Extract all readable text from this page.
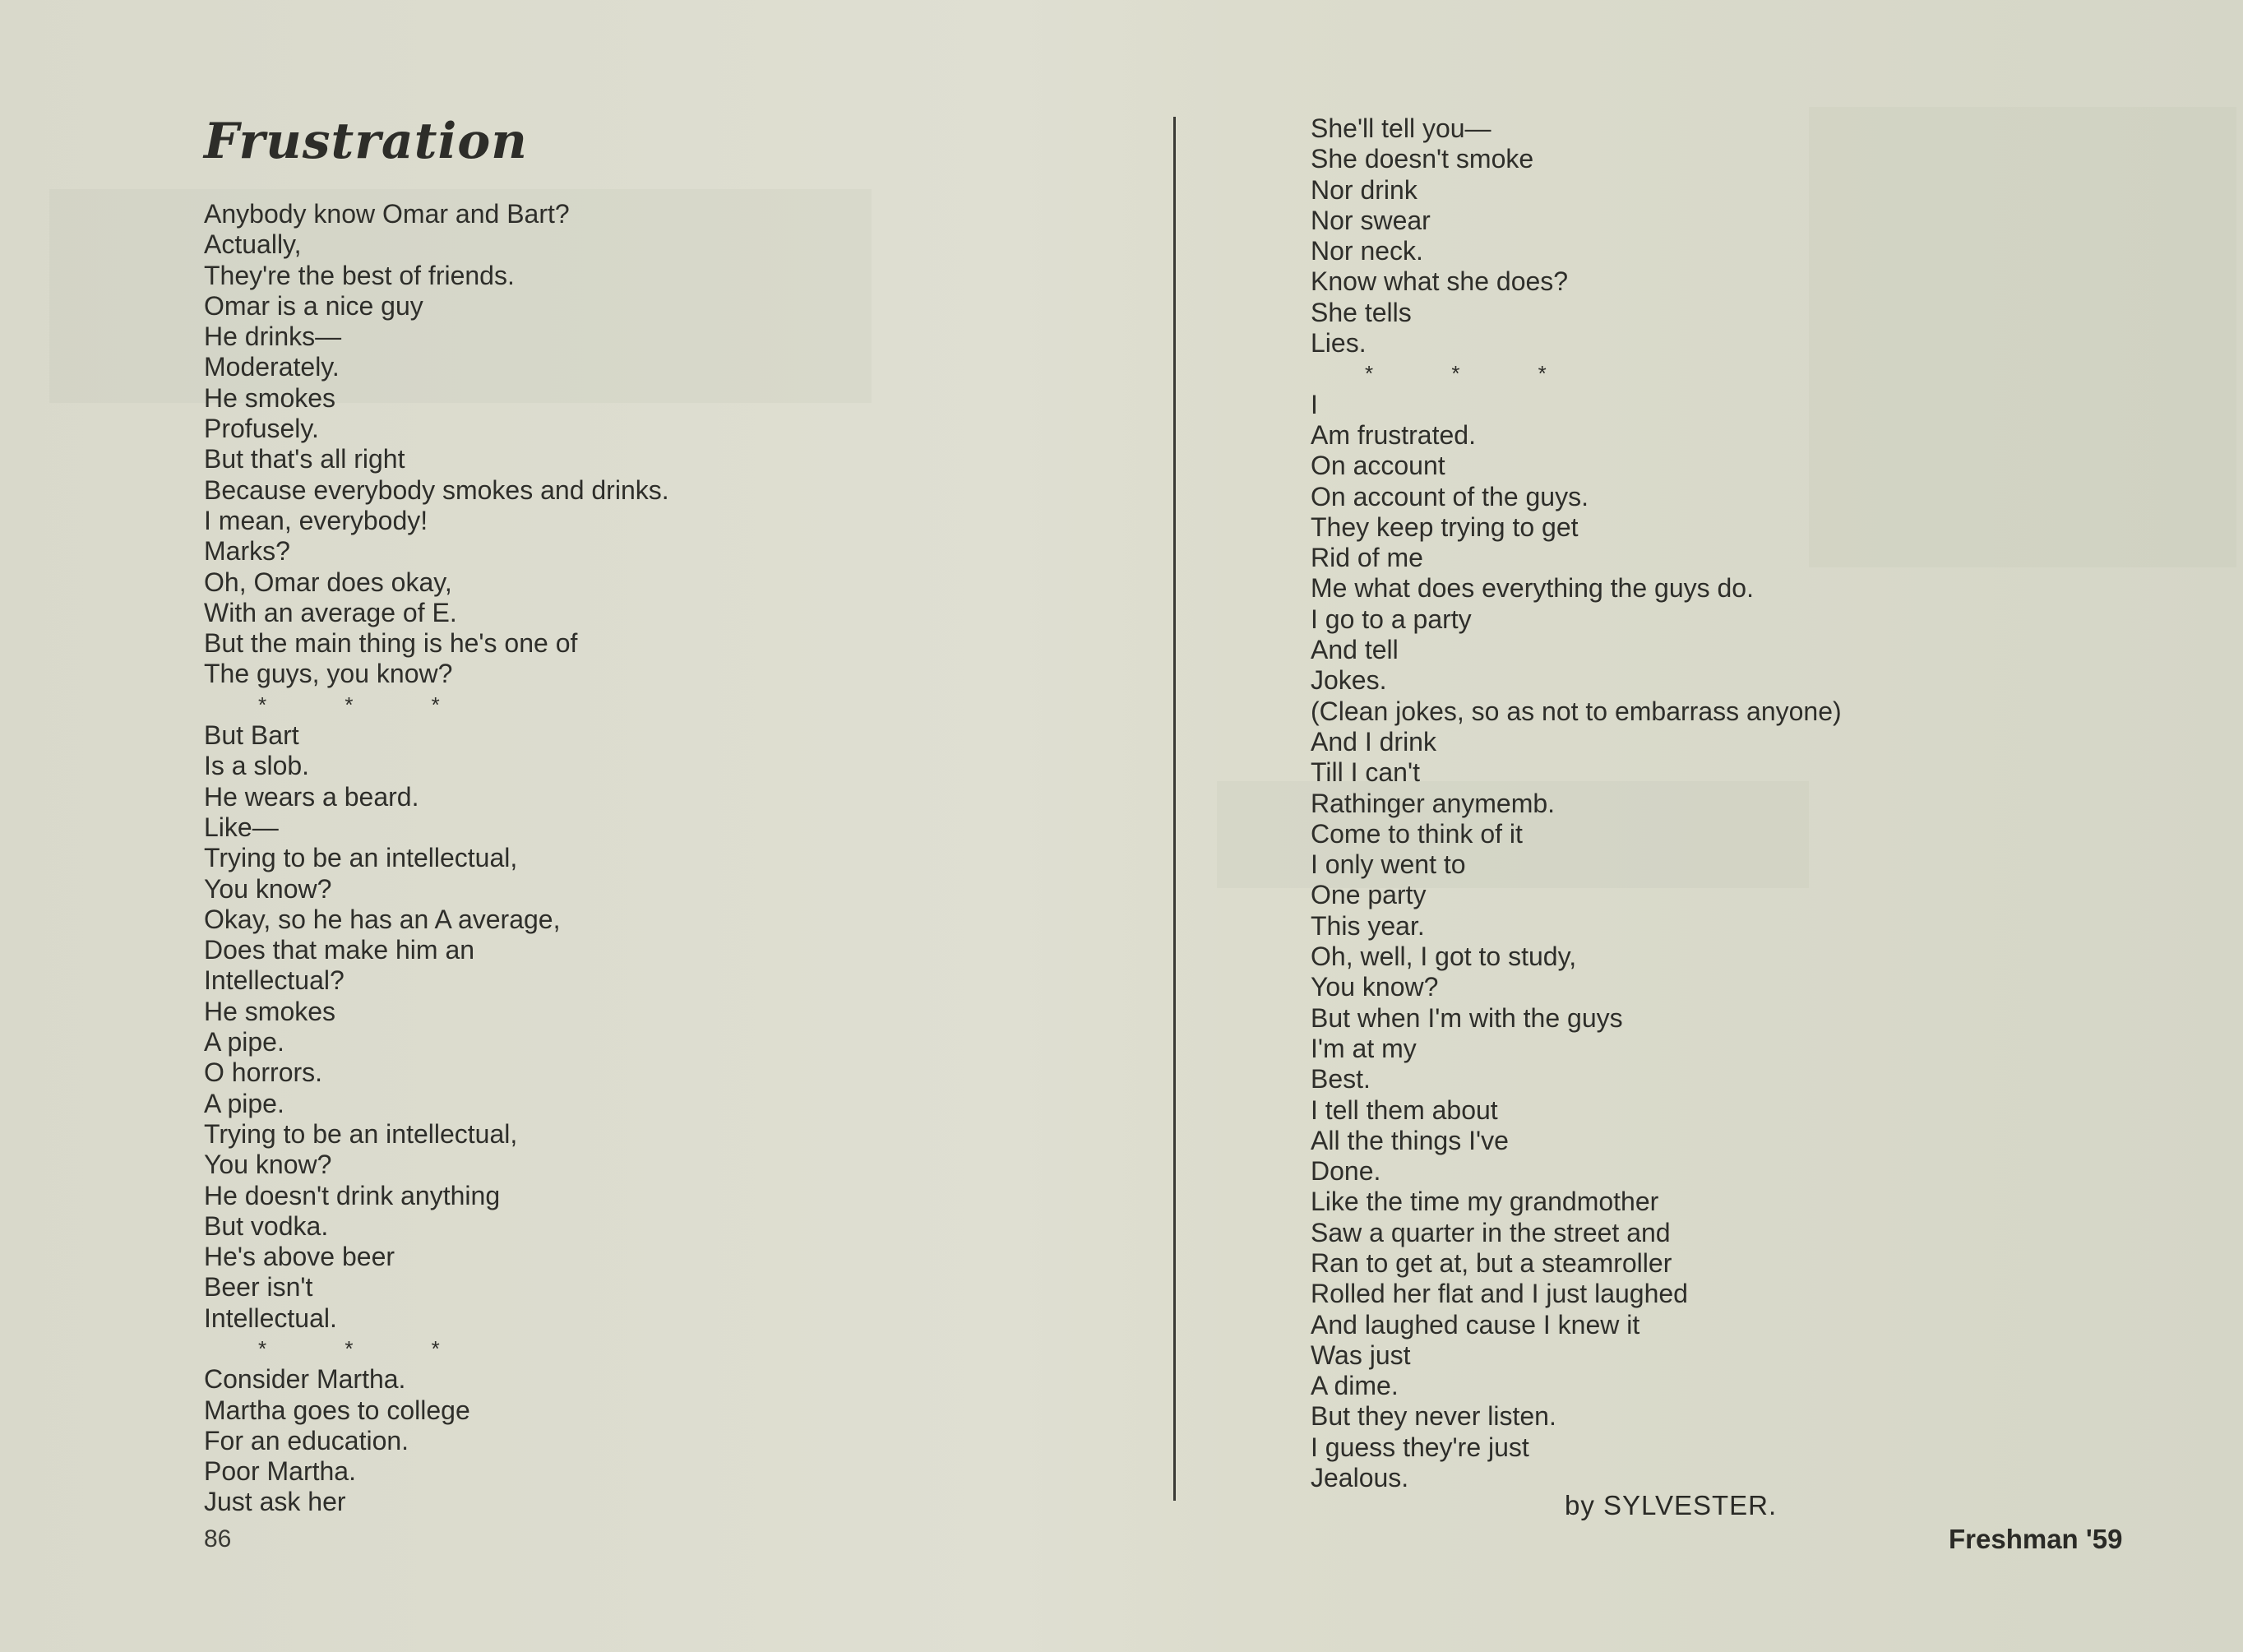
Frustration
Anybody know Omar and Bart?
Actually,
They're the best of friends.
Omar is a nice guy
He drinks—
Moderately.
He smokes
Profusely.
But that's all right
Because everybody smokes and drinks.
I mean, everybody!
Marks?
Oh, Omar does okay,
With an average of E.
But the main thing is he's one of
The guys, you know?
* * *
But Bart
Is a slob.
He wears a beard.
Like—
Trying to be an intellectual,
You know?
Okay, so he has an A average,
Does that make him an
Intellectual?
He smokes
A pipe.
O horrors.
A pipe.
Trying to be an intellectual,
You know?
He doesn't drink anything
But vodka.
He's above beer
Beer isn't
Intellectual.
* * *
Consider Martha.
Martha goes to college
For an education.
Poor Martha.
Just ask her
She'll tell you—
She doesn't smoke
Nor drink
Nor swear
Nor neck.
Know what she does?
She tells
Lies.
* * *
I
Am frustrated.
On account
On account of the guys.
They keep trying to get
Rid of me
Me what does everything the guys do.
I go to a party
And tell
Jokes.
(Clean jokes, so as not to embarrass anyone)
And I drink
Till I can't
Rathinger anymemb.
Come to think of it
I only went to
One party
This year.
Oh, well, I got to study,
You know?
But when I'm with the guys
I'm at my
Best.
I tell them about
All the things I've
Done.
Like the time my grandmother
Saw a quarter in the street and
Ran to get at, but a steamroller
Rolled her flat and I just laughed
And laughed cause I knew it
Was just
A dime.
But they never listen.
I guess they're just
Jealous.
by SYLVESTER.
86	Freshman '59
